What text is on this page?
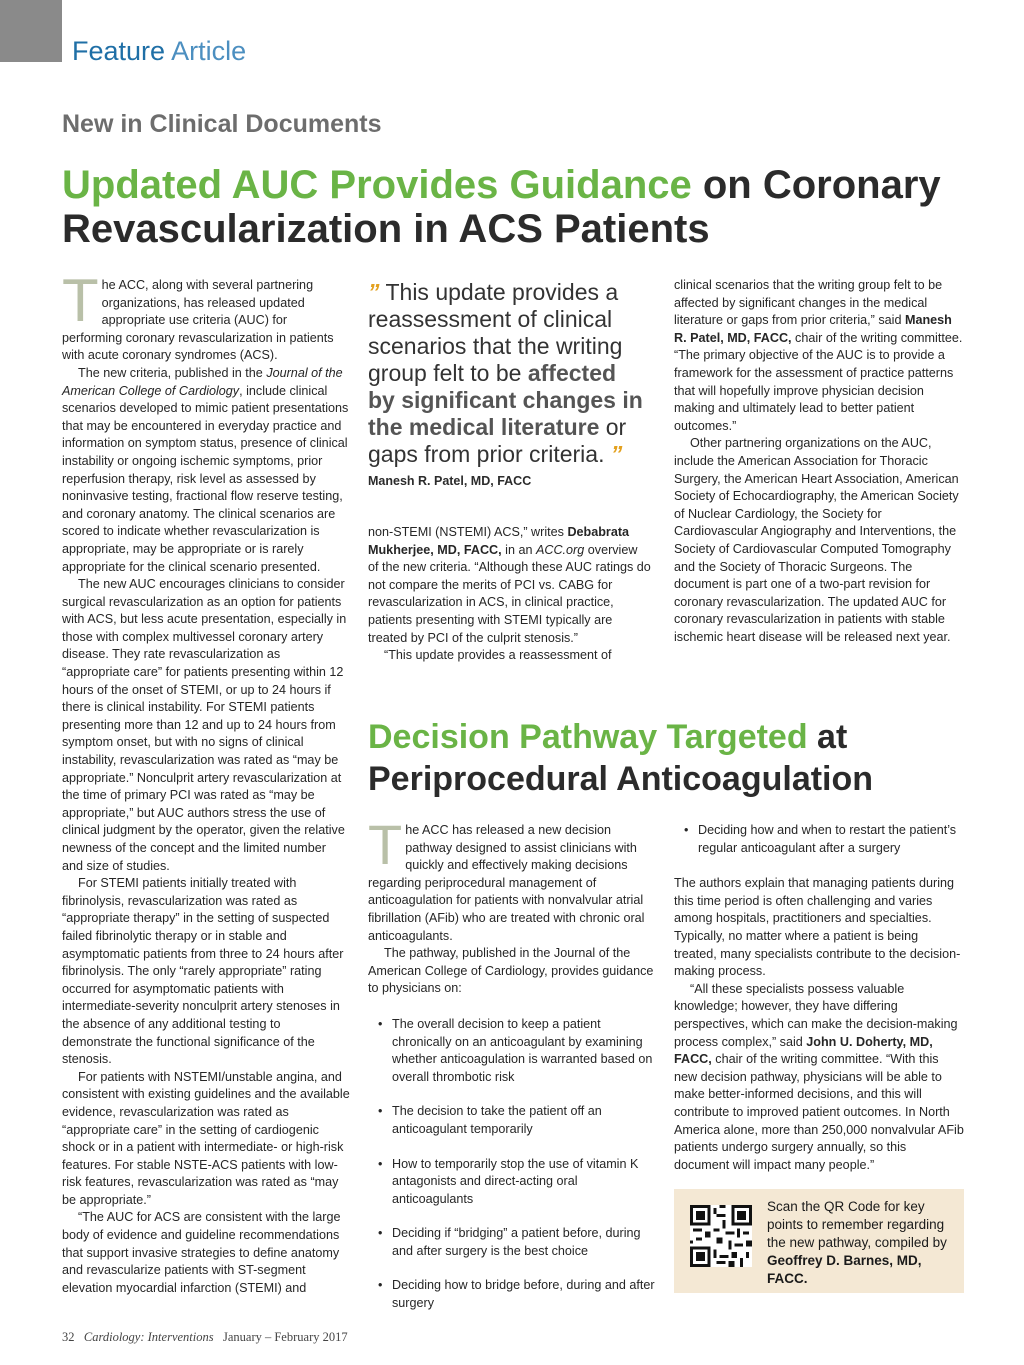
Feature Article
New in Clinical Documents
Updated AUC Provides Guidance on Coronary Revascularization in ACS Patients

The ACC, along with several partnering organizations, has released updated appropriate use criteria (AUC) for performing coronary revascularization in patients with acute coronary syndromes (ACS).

The new criteria, published in the Journal of the American College of Cardiology, include clinical scenarios developed to mimic patient presentations that may be encountered in everyday practice and information on symptom status, presence of clinical instability or ongoing ischemic symptoms, prior reperfusion therapy, risk level as assessed by noninvasive testing, fractional flow reserve testing, and coronary anatomy. The clinical scenarios are scored to indicate whether revascularization is appropriate, may be appropriate or is rarely appropriate for the clinical scenario presented.

The new AUC encourages clinicians to consider surgical revascularization as an option for patients with ACS, but less acute presentation, especially in those with complex multivessel coronary artery disease. They rate revascularization as “appropriate care” for patients presenting within 12 hours of the onset of STEMI, or up to 24 hours if there is clinical instability. For STEMI patients presenting more than 12 and up to 24 hours from symptom onset, but with no signs of clinical instability, revascularization was rated as “may be appropriate.” Nonculprit artery revascularization at the time of primary PCI was rated as “may be appropriate,” but AUC authors stress the use of clinical judgment by the operator, given the relative newness of the concept and the limited number and size of studies.

For STEMI patients initially treated with fibrinolysis, revascularization was rated as “appropriate therapy” in the setting of suspected failed fibrinolytic therapy or in stable and asymptomatic patients from three to 24 hours after fibrinolysis. The only “rarely appropriate” rating occurred for asymptomatic patients with intermediate-severity nonculprit artery stenoses in the absence of any additional testing to demonstrate the functional significance of the stenosis.

For patients with NSTEMI/unstable angina, and consistent with existing guidelines and the available evidence, revascularization was rated as “appropriate care” in the setting of cardiogenic shock or in a patient with intermediate- or high-risk features. For stable NSTE-ACS patients with low-risk features, revascularization was rated as “may be appropriate.”

“The AUC for ACS are consistent with the large body of evidence and guideline recommendations that support invasive strategies to define anatomy and revascularize patients with ST-segment elevation myocardial infarction (STEMI) and

” This update provides a reassessment of clinical scenarios that the writing group felt to be affected by significant changes in the medical literature or gaps from prior criteria. ”
Manesh R. Patel, MD, FACC

non-STEMI (NSTEMI) ACS,” writes Debabrata Mukherjee, MD, FACC, in an ACC.org overview of the new criteria. “Although these AUC ratings do not compare the merits of PCI vs. CABG for revascularization in ACS, in clinical practice, patients presenting with STEMI typically are treated by PCI of the culprit stenosis.”

“This update provides a reassessment of

clinical scenarios that the writing group felt to be affected by significant changes in the medical literature or gaps from prior criteria,” said Manesh R. Patel, MD, FACC, chair of the writing committee. “The primary objective of the AUC is to provide a framework for the assessment of practice patterns that will hopefully improve physician decision making and ultimately lead to better patient outcomes.”

Other partnering organizations on the AUC, include the American Association for Thoracic Surgery, the American Heart Association, American Society of Echocardiography, the American Society of Nuclear Cardiology, the Society for Cardiovascular Angiography and Interventions, the Society of Cardiovascular Computed Tomography and the Society of Thoracic Surgeons. The document is part one of a two-part revision for coronary revascularization. The updated AUC for coronary revascularization in patients with stable ischemic heart disease will be released next year.

Decision Pathway Targeted at Periprocedural Anticoagulation

The ACC has released a new decision pathway designed to assist clinicians with quickly and effectively making decisions regarding periprocedural management of anticoagulation for patients with nonvalvular atrial fibrillation (AFib) who are treated with chronic oral anticoagulants.

The pathway, published in the Journal of the American College of Cardiology, provides guidance to physicians on:

• The overall decision to keep a patient chronically on an anticoagulant by examining whether anticoagulation is warranted based on overall thrombotic risk
• The decision to take the patient off an anticoagulant temporarily
• How to temporarily stop the use of vitamin K antagonists and direct-acting oral anticoagulants
• Deciding if “bridging” a patient before, during and after surgery is the best choice
• Deciding how to bridge before, during and after surgery
• Deciding how and when to restart the patient’s regular anticoagulant after a surgery

The authors explain that managing patients during this time period is often challenging and varies among hospitals, practitioners and specialties. Typically, no matter where a patient is being treated, many specialists contribute to the decision-making process.

“All these specialists possess valuable knowledge; however, they have differing perspectives, which can make the decision-making process complex,” said John U. Doherty, MD, FACC, chair of the writing committee. “With this new decision pathway, physicians will be able to make better-informed decisions, and this will contribute to improved patient outcomes. In North America alone, more than 250,000 nonvalvular AFib patients undergo surgery annually, so this document will impact many people.”

Scan the QR Code for key points to remember regarding the new pathway, compiled by Geoffrey D. Barnes, MD, FACC.
32 Cardiology: Interventions January – February 2017
